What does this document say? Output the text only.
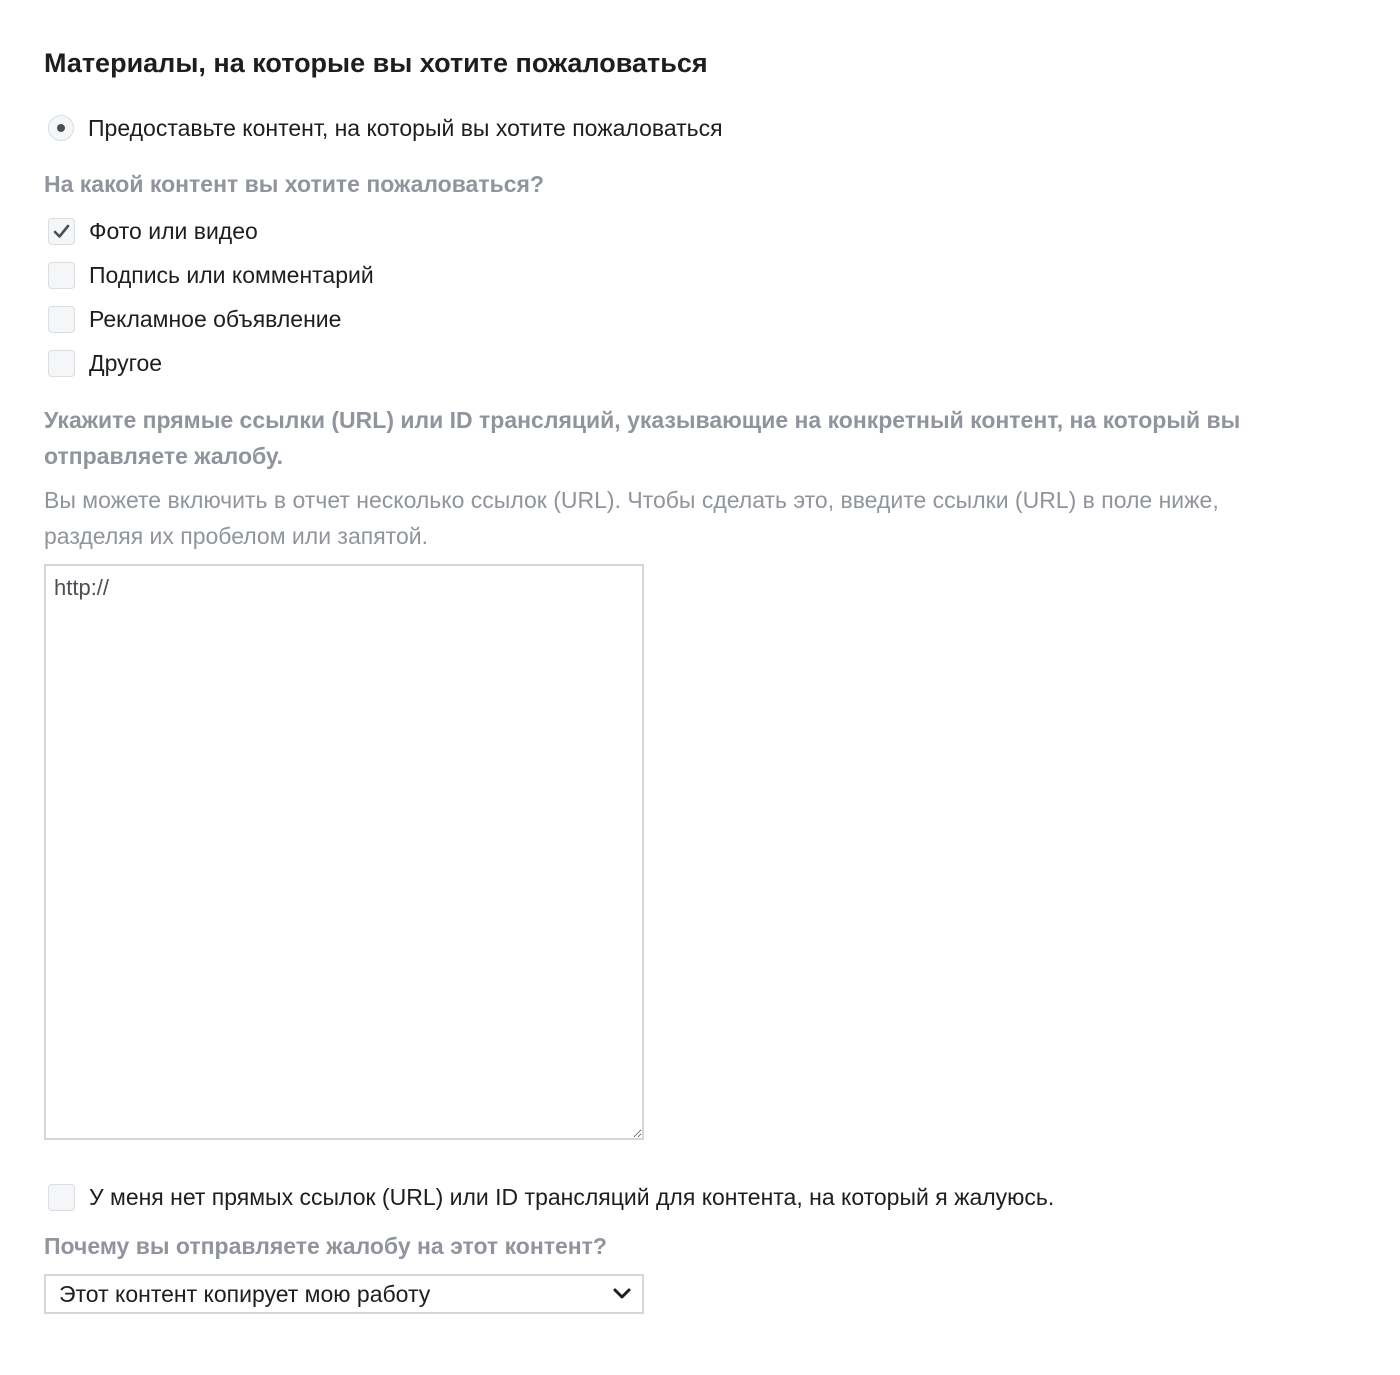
Материалы, на которые вы хотите пожаловаться
Предоставьте контент, на который вы хотите пожаловаться
На какой контент вы хотите пожаловаться?
Фото или видео
Подпись или комментарий
Рекламное объявление
Другое
Укажите прямые ссылки (URL) или ID трансляций, указывающие на конкретный контент, на который вы отправляете жалобу.

Вы можете включить в отчет несколько ссылок (URL). Чтобы сделать это, введите ссылки (URL) в поле ниже, разделяя их пробелом или запятой.

http://
У меня нет прямых ссылок (URL) или ID трансляций для контента, на который я жалуюсь.
Почему вы отправляете жалобу на этот контент?
Этот контент копирует мою работу
